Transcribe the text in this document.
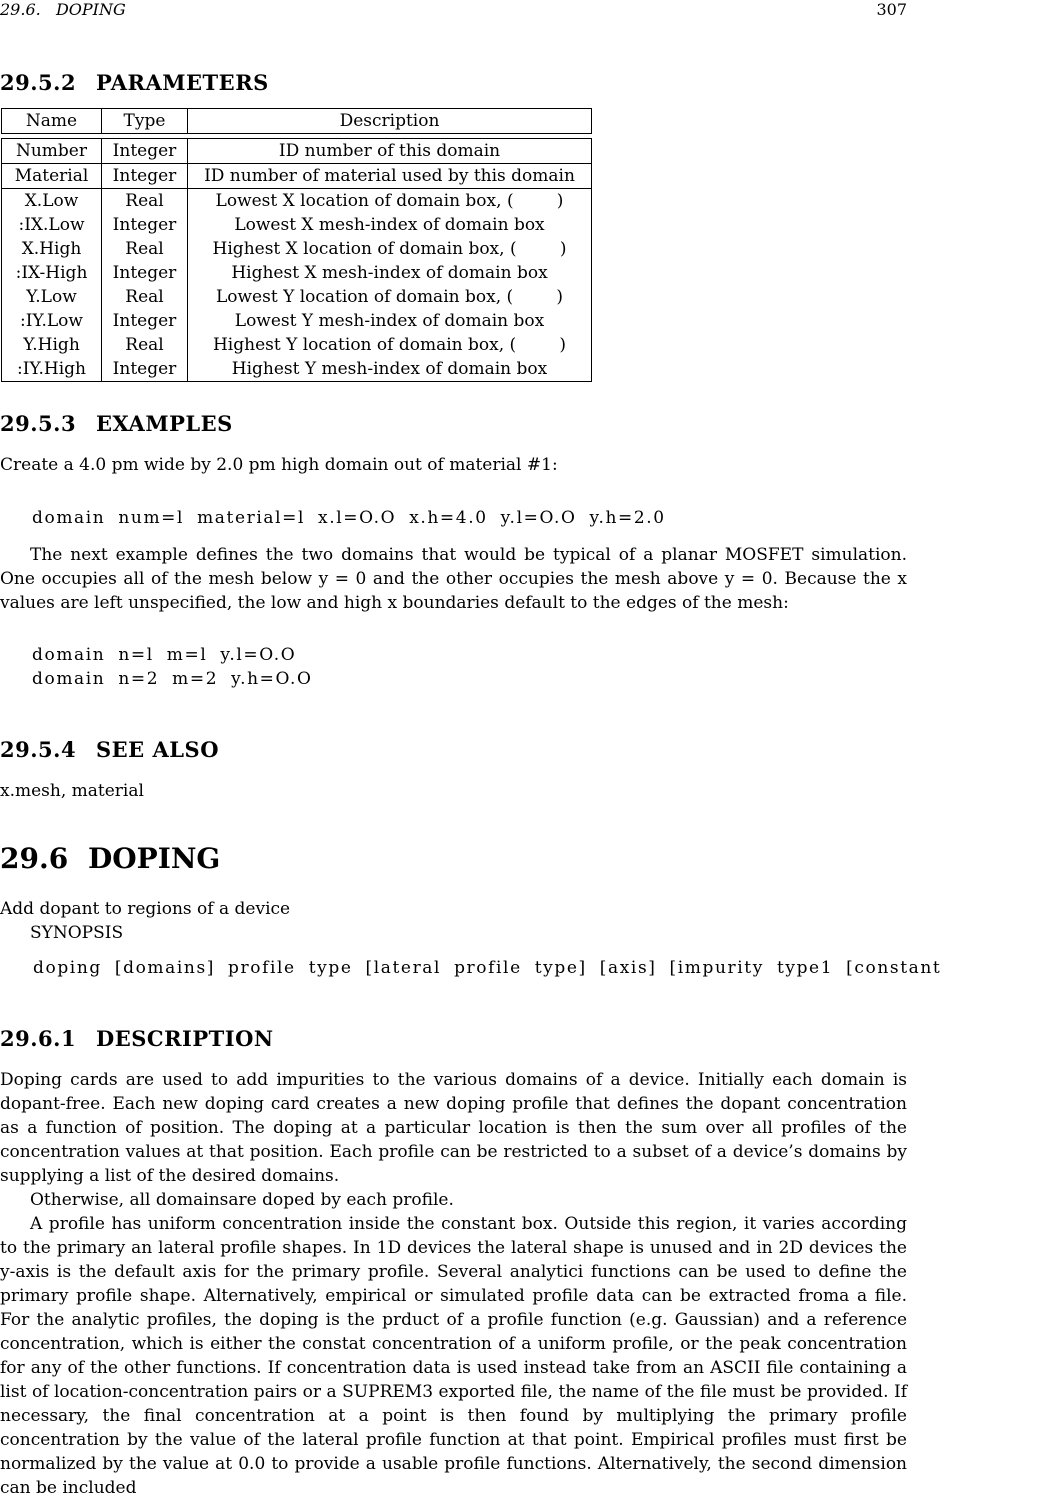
29.6.   DOPING	307
29.5.2 PARAMETERS
Name	Type	Description

Number	Integer	ID number of this domain
Material	Integer	ID number of material used by this domain
X.Low	Real	Lowest X location of domain box, (        )
:IX.Low	Integer	Lowest X mesh-index of domain box
X.High	Real	Highest X location of domain box, (        )
:IX-High	Integer	Highest X mesh-index of domain box
Y.Low	Real	Lowest Y location of domain box, (        )
:IY.Low	Integer	Lowest Y mesh-index of domain box
Y.High	Real	Highest Y location of domain box, (        )
:IY.High	Integer	Highest Y mesh-index of domain box
29.5.3 EXAMPLES
Create a 4.0 pm wide by 2.0 pm high domain out of material #1:
domain num=l material=l x.l=O.O x.h=4.0 y.l=O.O y.h=2.0
The next example defines the two domains that would be typical of a planar MOSFET simulation. One occupies all of the mesh below y = 0 and the other occupies the mesh above y = 0. Because the x values are left unspecified, the low and high x boundaries default to the edges of the mesh:
domain n=l m=l y.l=O.O
domain n=2 m=2 y.h=O.O
29.5.4 SEE ALSO
x.mesh, material
29.6 DOPING
Add dopant to regions of a device
SYNOPSIS
doping [domains] profile type [lateral profile type] [axis] [impurity type1 [constant
29.6.1 DESCRIPTION
Doping cards are used to add impurities to the various domains of a device. Initially each domain is dopant-free. Each new doping card creates a new doping profile that defines the dopant concentration as a function of position. The doping at a particular location is then the sum over all profiles of the concentration values at that position. Each profile can be restricted to a subset of a device’s domains by supplying a list of the desired domains.
Otherwise, all domainsare doped by each profile.
A profile has uniform concentration inside the constant box. Outside this region, it varies according to the primary an lateral profile shapes. In 1D devices the lateral shape is unused and in 2D devices the y-axis is the default axis for the primary profile. Several analytici functions can be used to define the primary profile shape. Alternatively, empirical or simulated profile data can be extracted froma a file. For the analytic profiles, the doping is the prduct of a profile function (e.g. Gaussian) and a reference concentration, which is either the constat concentration of a uniform profile, or the peak concentration for any of the other functions. If concentration data is used instead take from an ASCII file containing a list of location-concentration pairs or a SUPREM3 exported file, the name of the file must be provided. If necessary, the final concentration at a point is then found by multiplying the primary profile concentration by the value of the lateral profile function at that point. Empirical profiles must first be normalized by the value at 0.0 to provide a usable profile functions. Alternatively, the second dimension can be included
